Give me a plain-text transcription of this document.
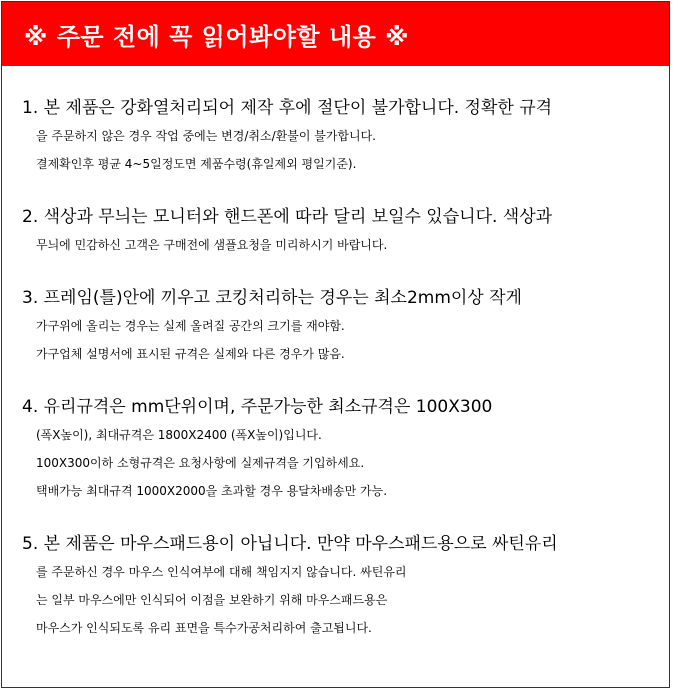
※ 주문 전에 꼭 읽어봐야할 내용 ※
1. 본 제품은 강화열처리되어 제작 후에 절단이 불가합니다. 정확한 규격
을 주문하지 않은 경우 작업 중에는 변경/취소/환불이 불가합니다.
결제확인후 평균 4~5일정도면 제품수령(휴일제외 평일기준).
2. 색상과 무늬는 모니터와 핸드폰에 따라 달리 보일수 있습니다. 색상과
무늬에 민감하신 고객은 구매전에 샘플요청을 미리하시기 바랍니다.
3. 프레임(틀)안에 끼우고 코킹처리하는 경우는 최소2mm이상 작게
가구위에 올리는 경우는 실제 올려질 공간의 크기를 재야함.
가구업체 설명서에 표시된 규격은 실제와 다른 경우가 많음.
4. 유리규격은 mm단위이며, 주문가능한 최소규격은 100X300
(폭X높이), 최대규격은 1800X2400 (폭X높이)입니다.
100X300이하 소형규격은 요청사항에 실제규격을 기입하세요.
택배가능 최대규격 1000X2000을 초과할 경우 용달차배송만 가능.
5. 본 제품은 마우스패드용이 아닙니다. 만약 마우스패드용으로 싸틴유리
를 주문하신 경우 마우스 인식여부에 대해 책임지지 않습니다. 싸틴유리
는 일부 마우스에만 인식되어 이점을 보완하기 위해 마우스패드용은
마우스가 인식되도록 유리 표면을 특수가공처리하여 출고됩니다.
